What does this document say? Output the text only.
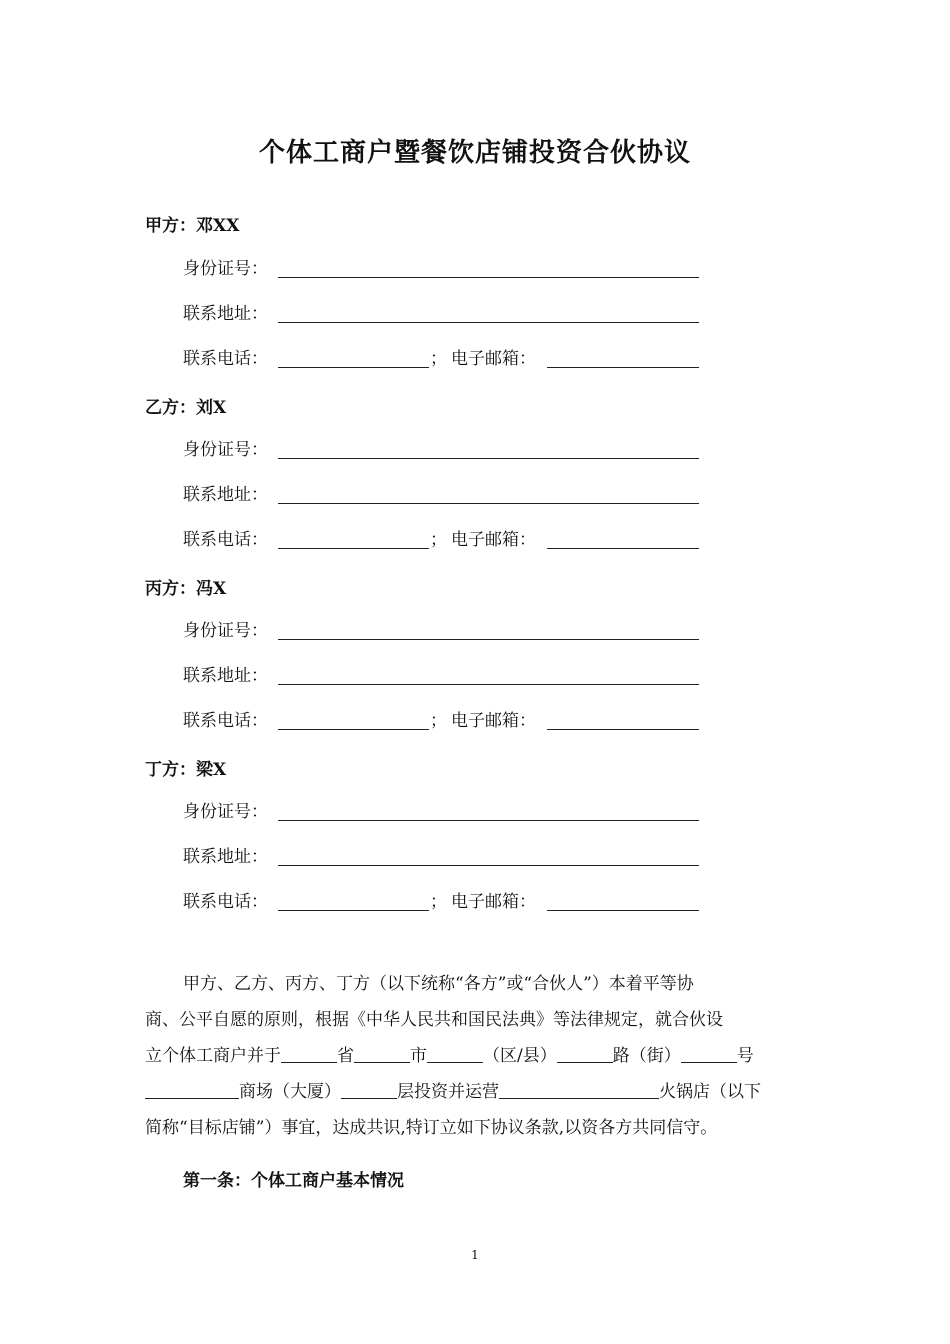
个体工商户暨餐饮店铺投资合伙协议
甲方：邓XX
身份证号：
联系地址：
联系电话：	； 电子邮箱：
乙方：刘X
身份证号：
联系地址：
联系电话：	； 电子邮箱：
丙方：冯X
身份证号：
联系地址：
联系电话：	； 电子邮箱：
丁方：梁X
身份证号：
联系地址：
联系电话：	； 电子邮箱：
甲方、乙方、丙方、丁方（以下统称“各方”或“合伙人”）本着平等协
商、公平自愿的原则，根据《中华人民共和国民法典》等法律规定，就合伙设
立个体工商户并于	省	市	（区/县）	路（街）	号
商场（大厦）	层投资并运营	火锅店（以下
简称“目标店铺”）事宜，达成共识,特订立如下协议条款,以资各方共同信守。
第一条：个体工商户基本情况
1
